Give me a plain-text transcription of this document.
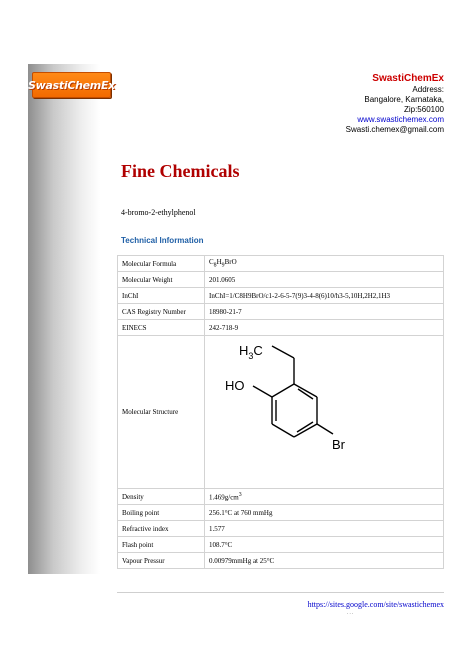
SwastiChemEx	SwastiChemEx
Address:
Bangalore, Karnataka,
Zip:560100
www.swastichemex.com
Swasti.chemex@gmail.com
Fine Chemicals
4-bromo-2-ethylphenol
Technical Information
Molecular Formula	$C_8H_9BrO$
Molecular Weight	201.0605
InChI	InChI=1/C8H9BrO/c1-2-6-5-7(9)3-4-8(6)10/h3-5,10H,2H2,1H3
CAS Registry Number	18980-21-7
EINECS	242-718-9
Molecular Structure	$H_3C$
HO
Br

Density	$1.469g/cm^3$
Boiling point	256.1°C at 760 mmHg
Refractive index	1.577
Flash point	108.7°C
Vapour Pressur	0.00979mmHg at 25°C
https://sites.google.com/site/swastichemex
. . .
